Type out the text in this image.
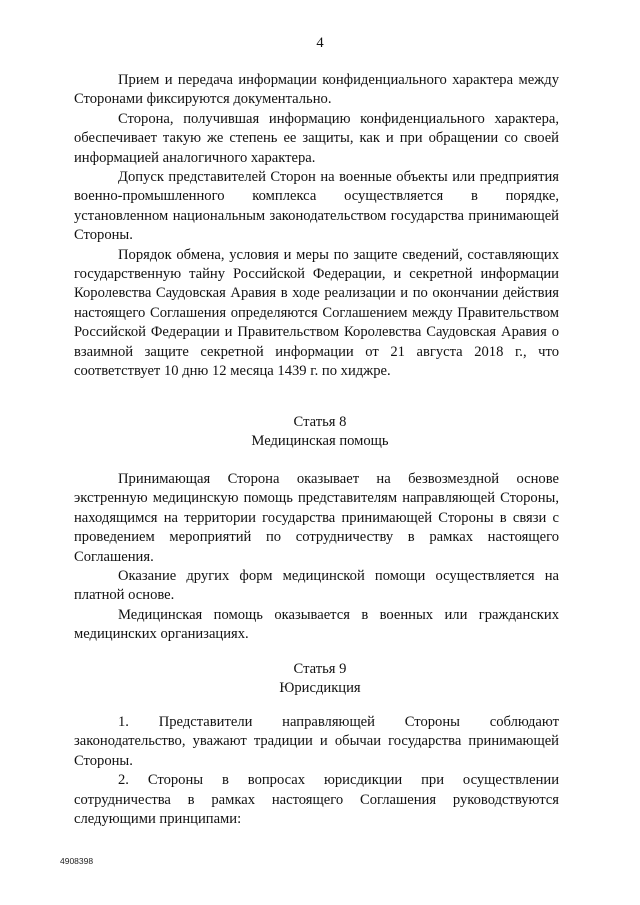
4

Прием и передача информации конфиденциального характера между Сторонами фиксируются документально.

Сторона, получившая информацию конфиденциального характера, обеспечивает такую же степень ее защиты, как и при обращении со своей информацией аналогичного характера.

Допуск представителей Сторон на военные объекты или предприятия военно-промышленного комплекса осуществляется в порядке, установленном национальным законодательством государства принимающей Стороны.

Порядок обмена, условия и меры по защите сведений, составляющих государственную тайну Российской Федерации, и секретной информации Королевства Саудовская Аравия в ходе реализации и по окончании действия настоящего Соглашения определяются Соглашением между Правительством Российской Федерации и Правительством Королевства Саудовская Аравия о взаимной защите секретной информации от 21 августа 2018 г., что соответствует 10 дню 12 месяца 1439 г. по хиджре.

Статья 8
Медицинская помощь

Принимающая Сторона оказывает на безвозмездной основе экстренную медицинскую помощь представителям направляющей Стороны, находящимся на территории государства принимающей Стороны в связи с проведением мероприятий по сотрудничеству в рамках настоящего Соглашения.

Оказание других форм медицинской помощи осуществляется на платной основе.

Медицинская помощь оказывается в военных или гражданских медицинских организациях.

Статья 9
Юрисдикция

1. Представители направляющей Стороны соблюдают законодательство, уважают традиции и обычаи государства принимающей Стороны.

2. Стороны в вопросах юрисдикции при осуществлении сотрудничества в рамках настоящего Соглашения руководствуются следующими принципами:

4908398
